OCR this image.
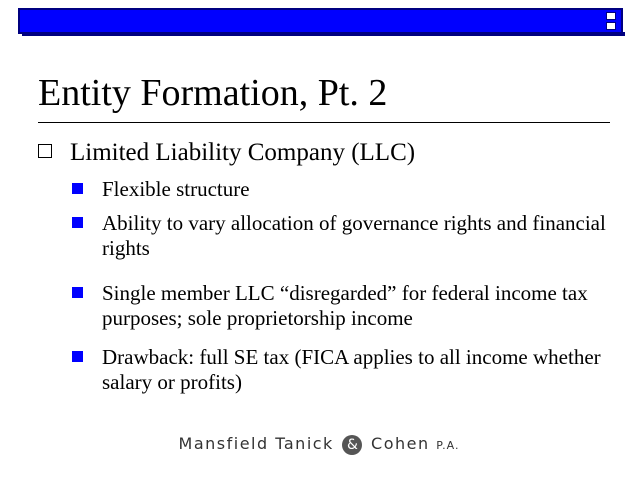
Entity Formation, Pt. 2
Limited Liability Company (LLC)
Flexible structure
Ability to vary allocation of governance rights and financial rights
Single member LLC “disregarded” for federal income tax purposes; sole proprietorship income
Drawback: full SE tax (FICA applies to all income whether salary or profits)
Mansfield Tanick & Cohen P.A.
